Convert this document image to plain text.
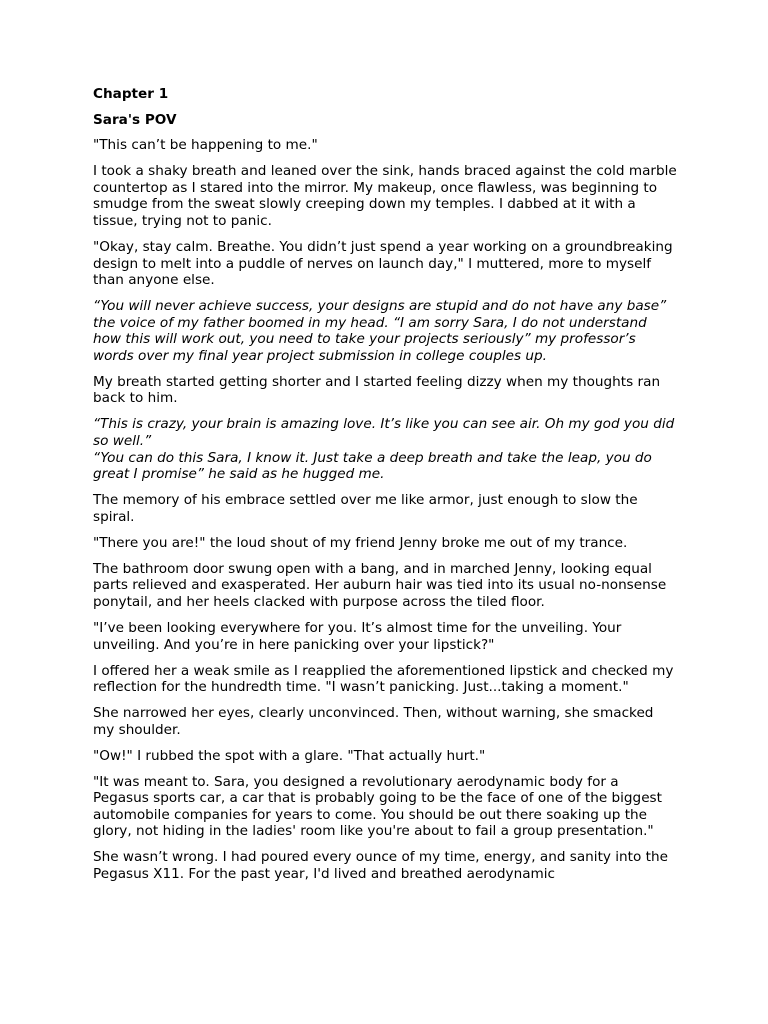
Chapter 1

Sara's POV

"This can’t be happening to me."

I took a shaky breath and leaned over the sink, hands braced against the cold marble countertop as I stared into the mirror. My makeup, once flawless, was beginning to smudge from the sweat slowly creeping down my temples. I dabbed at it with a tissue, trying not to panic.

"Okay, stay calm. Breathe. You didn’t just spend a year working on a groundbreaking design to melt into a puddle of nerves on launch day," I muttered, more to myself than anyone else.

“You will never achieve success, your designs are stupid and do not have any base” the voice of my father boomed in my head. “I am sorry Sara, I do not understand how this will work out, you need to take your projects seriously” my professor’s words over my final year project submission in college couples up.

My breath started getting shorter and I started feeling dizzy when my thoughts ran back to him.

“This is crazy, your brain is amazing love. It’s like you can see air. Oh my god you did so well.”

“You can do this Sara, I know it. Just take a deep breath and take the leap, you do great I promise” he said as he hugged me.

The memory of his embrace settled over me like armor, just enough to slow the spiral.

"There you are!" the loud shout of my friend Jenny broke me out of my trance.

The bathroom door swung open with a bang, and in marched Jenny, looking equal parts relieved and exasperated. Her auburn hair was tied into its usual no-nonsense ponytail, and her heels clacked with purpose across the tiled floor.

"I’ve been looking everywhere for you. It’s almost time for the unveiling. Your unveiling. And you’re in here panicking over your lipstick?"

I offered her a weak smile as I reapplied the aforementioned lipstick and checked my reflection for the hundredth time. "I wasn’t panicking. Just...taking a moment."

She narrowed her eyes, clearly unconvinced. Then, without warning, she smacked my shoulder.

"Ow!" I rubbed the spot with a glare. "That actually hurt."

"It was meant to. Sara, you designed a revolutionary aerodynamic body for a Pegasus sports car, a car that is probably going to be the face of one of the biggest automobile companies for years to come. You should be out there soaking up the glory, not hiding in the ladies' room like you're about to fail a group presentation."

She wasn’t wrong. I had poured every ounce of my time, energy, and sanity into the Pegasus X11. For the past year, I'd lived and breathed aerodynamic
